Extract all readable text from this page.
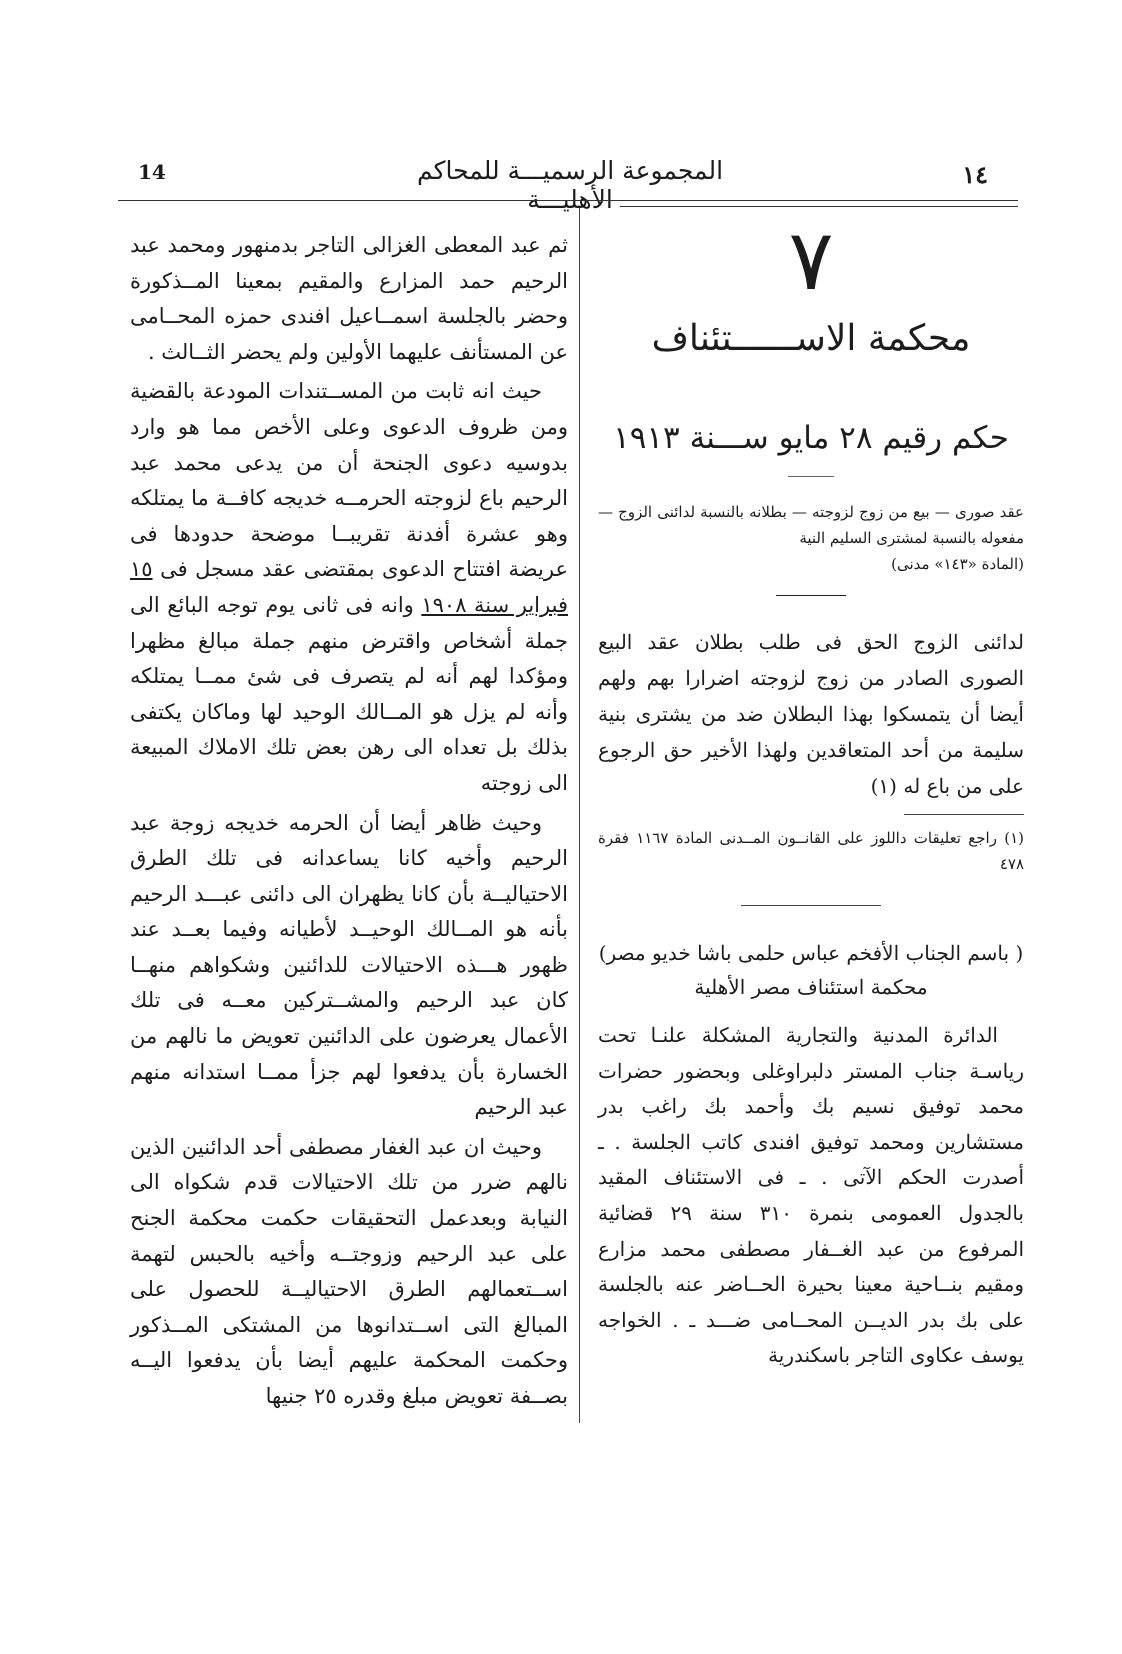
14	المجموعة الرسميـــة للمحاكم الأهليـــة
١٤
٧
محكمة الاســــــتئناف
حكم رقيم ٢٨ مايو ســـنة ١٩١٣
عقد صورى — بيع من زوج لزوجته — بطلانه بالنسبة لدائنى الزوج — مفعوله بالنسبة لمشترى السليم النية
(المادة «١٤٣» مدنى)
لدائنى الزوج الحق فى طلب بطلان عقد البيع الصورى الصادر من زوج لزوجته اضرارا بهم ولهم أيضا أن يتمسكوا بهذا البطلان ضد من يشترى بنية سليمة من أحد المتعاقدين ولهذا الأخير حق الرجوع على من باع له (١)
(١) راجع تعليقات داللوز على القانــون المــدنى المادة ١١٦٧ فقرة ٤٧٨
( باسم الجناب الأفخم عباس حلمى باشا خديو مصر)
محكمة استئناف مصر الأهلية
الدائرة المدنية والتجارية المشكلة علنـا تحت رياسـة جناب المستر دلبراوغلى وبحضور حضرات محمد توفيق نسيم بك وأحمد بك راغب بدر مستشارين ومحمد توفيق افندى كاتب الجلسة . ـ أصدرت الحكم الآتى . ـ فى الاستئناف المقيد بالجدول العمومى بنمرة ٣١٠ سنة ٢٩ قضائية المرفوع من عبد الغــفار مصطفى محمد مزارع ومقيم بنــاحية معينا بحيرة الحــاضر عنه بالجلسة على بك بدر الديــن المحــامى ضـــد ـ . الخواجه يوسف عكاوى التاجر باسكندرية

ثم عبد المعطى الغزالى التاجر بدمنهور ومحمد عبد الرحيم حمد المزارع والمقيم بمعينا المــذكورة وحضر بالجلسة اسمــاعيل افندى حمزه المحــامى عن المستأنف عليهما الأولين ولم يحضر الثــالث .

حيث انه ثابت من المســتندات المودعة بالقضية ومن ظروف الدعوى وعلى الأخص مما هو وارد بدوسيه دعوى الجنحة أن من يدعى محمد عبد الرحيم باع لزوجته الحرمــه خديجه كافــة ما يمتلكه وهو عشرة أفدنة تقريبــا موضحة حدودها فى عريضة افتتاح الدعوى بمقتضى عقد مسجل فى ١٥ فبراير سنة ١٩٠٨ وانه فى ثانى يوم توجه البائع الى جملة أشخاص واقترض منهم جملة مبالغ مظهرا ومؤكدا لهم أنه لم يتصرف فى شئ ممــا يمتلكه وأنه لم يزل هو المــالك الوحيد لها وماكان يكتفى بذلك بل تعداه الى رهن بعض تلك الاملاك المبيعة الى زوجته

وحيث ظاهر أيضا أن الحرمه خديجه زوجة عبد الرحيم وأخيه كانا يساعدانه فى تلك الطرق الاحتياليــة بأن كانا يظهران الى دائنى عبـــد الرحيم بأنه هو المــالك الوحيــد لأطيانه وفيما بعــد عند ظهور هـــذه الاحتيالات للدائنين وشكواهم منهــا كان عبد الرحيم والمشــتركين معــه فى تلك الأعمال يعرضون على الدائنين تعويض ما نالهم من الخسارة بأن يدفعوا لهم جزأ ممــا استدانه منهم عبد الرحيم

وحيث ان عبد الغفار مصطفى أحد الدائنين الذين نالهم ضرر من تلك الاحتيالات قدم شكواه الى النيابة وبعدعمل التحقيقات حكمت محكمة الجنح على عبد الرحيم وزوجتــه وأخيه بالحبس لتهمة اســتعمالهم الطرق الاحتياليــة للحصول على المبالغ التى اســتدانوها من المشتكى المــذكور وحكمت المحكمة عليهم أيضا بأن يدفعوا اليــه بصــفة تعويض مبلغ وقدره ٢٥ جنيها
